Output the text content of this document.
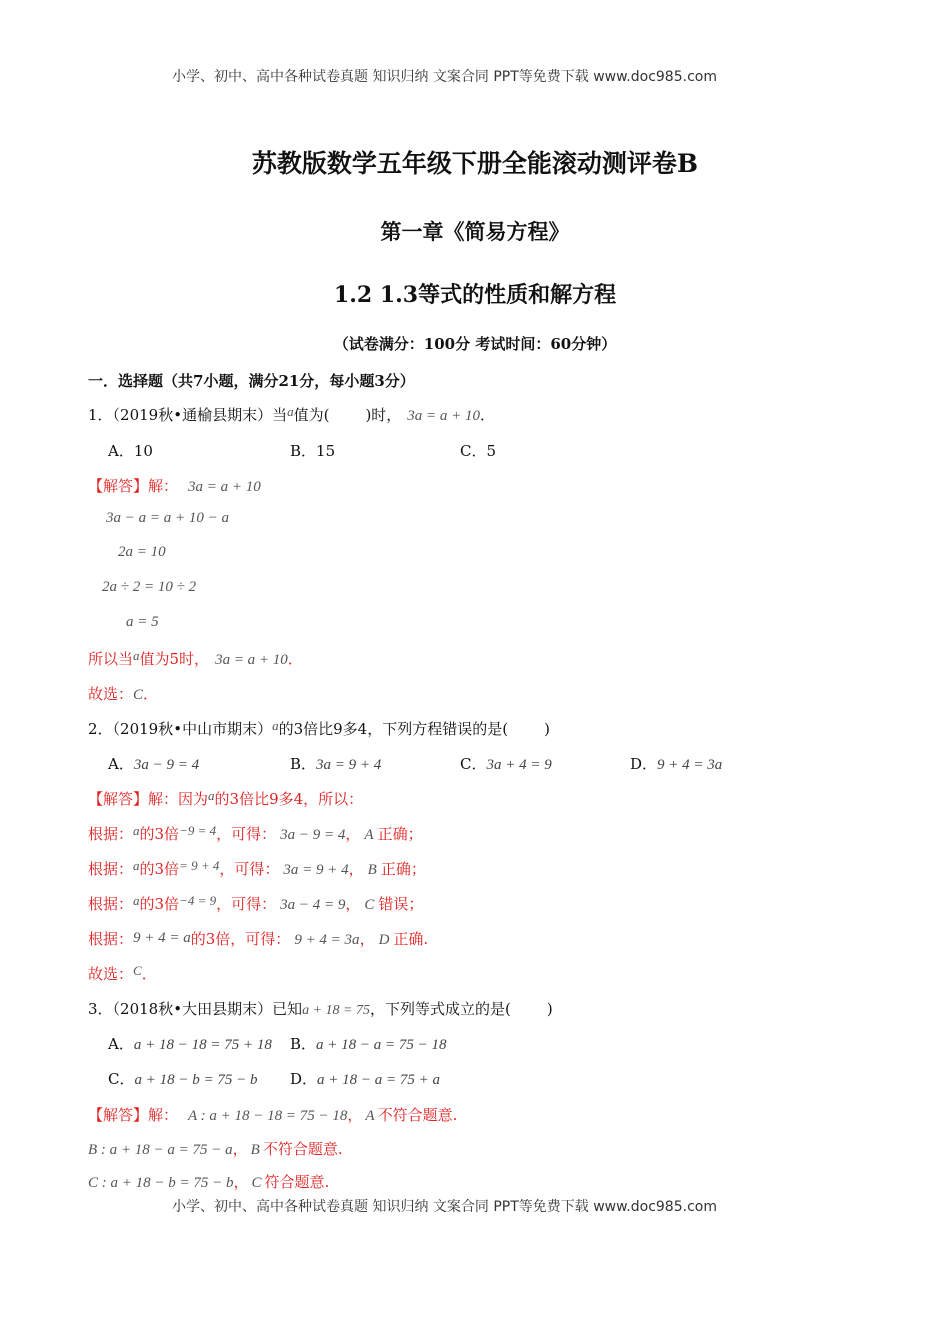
小学、初中、高中各种试卷真题 知识归纳 文案合同 PPT等免费下载 www.doc985.com
小学、初中、高中各种试卷真题 知识归纳 文案合同 PPT等免费下载 www.doc985.com
苏教版数学五年级下册全能滚动测评卷B
第一章《简易方程》
1.2 1.3等式的性质和解方程
（试卷满分：100分 考试时间：60分钟）
一．选择题（共7小题，满分21分，每小题3分）
1．（2019秋•通榆县期末）当a值为( )时， 3a = a + 10．
A．10	B．15	C．5
【解答】解： 3a = a + 10
3a − a = a + 10 − a
2a = 10
2a ÷ 2 = 10 ÷ 2
a = 5
所以当a值为5时， 3a = a + 10．
故选：C．
2．（2019秋•中山市期末）a的3倍比9多4，下列方程错误的是( )
A．3a − 9 = 4	B．3a = 9 + 4	C．3a + 4 = 9	D．9 + 4 = 3a
【解答】解：因为a的3倍比9多4，所以：
根据：a的3倍−9 = 4，可得： 3a − 9 = 4， A 正确；
根据：a的3倍= 9 + 4，可得： 3a = 9 + 4， B 正确；
根据：a的3倍−4 = 9，可得： 3a − 4 = 9， C 错误；
根据：9 + 4 = a的3倍，可得： 9 + 4 = 3a， D 正确.
故选：C．
3．（2018秋•大田县期末）已知a + 18 = 75，下列等式成立的是( )
A．a + 18 − 18 = 75 + 18 B．a + 18 − a = 75 − 18
C．a + 18 − b = 75 − b D．a + 18 − a = 75 + a
【解答】解： A : a + 18 − 18 = 75 − 18， A 不符合题意.
B : a + 18 − a = 75 − a， B 不符合题意.
C : a + 18 − b = 75 − b， C 符合题意.
